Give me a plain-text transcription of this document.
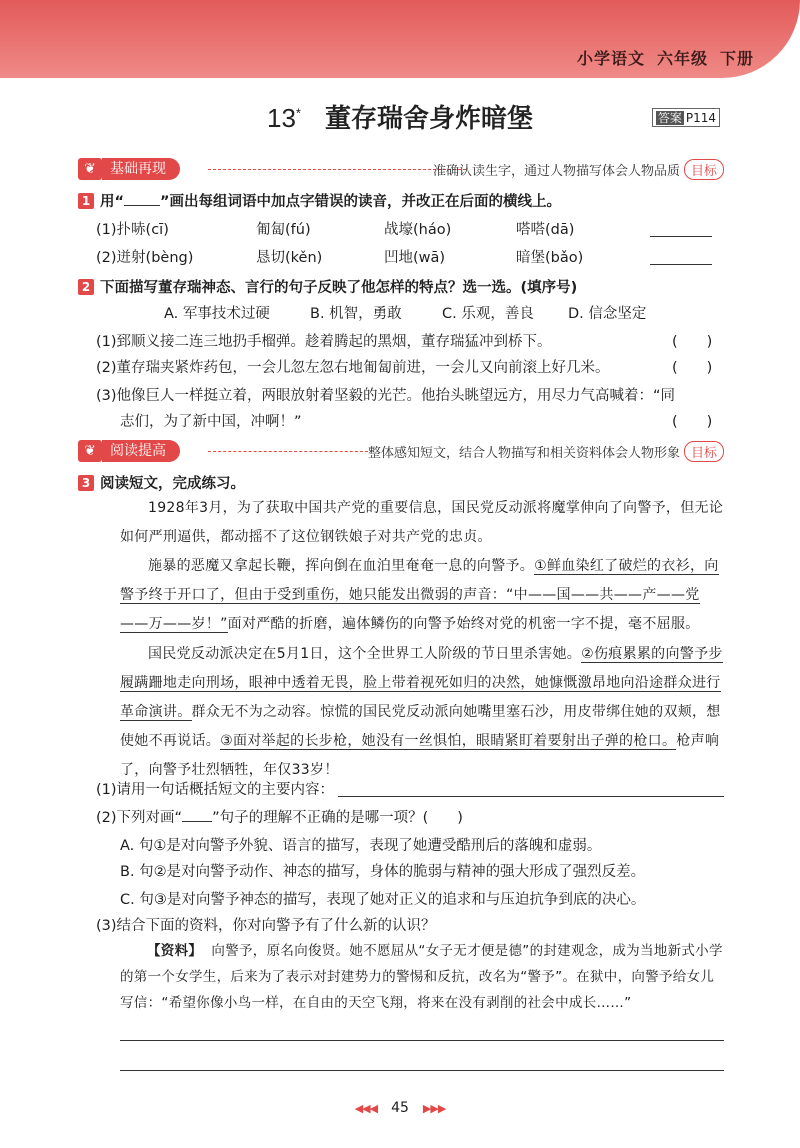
小学语文 六年级 下册
13* 董存瑞舍身炸暗堡	答案 P114
❦	基础再现	准确认读生字，通过人物描写体会人物品质 目标
1 用“ ”画出每组词语中加点字错误的读音，并改正在后面的横线上。
(1)扑哧(cī)	匍匐(fú)	战壕(háo)	嗒嗒(dā)
(2)迸射(bèng)	恳切(kěn)	凹地(wā)	暗堡(bǎo)
2 下面描写董存瑞神态、言行的句子反映了他怎样的特点？选一选。(填序号)
A. 军事技术过硬	B. 机智，勇敢	C. 乐观，善良 D. 信念坚定
(1)郅顺义接二连三地扔手榴弹。趁着腾起的黑烟，董存瑞猛冲到桥下。	(　　)
(2)董存瑞夹紧炸药包，一会儿忽左忽右地匍匐前进，一会儿又向前滚上好几米。	(　　)
(3)他像巨人一样挺立着，两眼放射着坚毅的光芒。他抬头眺望远方，用尽力气高喊着：“同
志们，为了新中国，冲啊！”	(　　)
❦	阅读提高	整体感知短文，结合人物描写和相关资料体会人物形象 目标
3 阅读短文，完成练习。
1928年3月，为了获取中国共产党的重要信息，国民党反动派将魔掌伸向了向警予，但无论如何严刑逼供，都动摇不了这位钢铁娘子对共产党的忠贞。
施暴的恶魔又拿起长鞭，挥向倒在血泊里奄奄一息的向警予。①鲜血染红了破烂的衣衫，向警予终于开口了，但由于受到重伤，她只能发出微弱的声音：“中——国——共——产——党——万——岁！”面对严酷的折磨，遍体鳞伤的向警予始终对党的机密一字不提，毫不屈服。
国民党反动派决定在5月1日，这个全世界工人阶级的节日里杀害她。②伤痕累累的向警予步履蹒跚地走向刑场，眼神中透着无畏，脸上带着视死如归的决然，她慷慨激昂地向沿途群众进行革命演讲。群众无不为之动容。惊慌的国民党反动派向她嘴里塞石沙，用皮带绑住她的双颊，想使她不再说话。③面对举起的长步枪，她没有一丝惧怕，眼睛紧盯着要射出子弹的枪口。枪声响了，向警予壮烈牺牲，年仅33岁！
(1)请用一句话概括短文的主要内容：
(2)下列对画“ ”句子的理解不正确的是哪一项？(　　)
A. 句①是对向警予外貌、语言的描写，表现了她遭受酷刑后的落魄和虚弱。
B. 句②是对向警予动作、神态的描写，身体的脆弱与精神的强大形成了强烈反差。
C. 句③是对向警予神态的描写，表现了她对正义的追求和与压迫抗争到底的决心。
(3)结合下面的资料，你对向警予有了什么新的认识？
【资料】 向警予，原名向俊贤。她不愿屈从“女子无才便是德”的封建观念，成为当地新式小学的第一个女学生，后来为了表示对封建势力的警惕和反抗，改名为“警予”。在狱中，向警予给女儿写信：“希望你像小鸟一样，在自由的天空飞翔，将来在没有剥削的社会中成长……”
◀◀◀ 45 ▶▶▶
